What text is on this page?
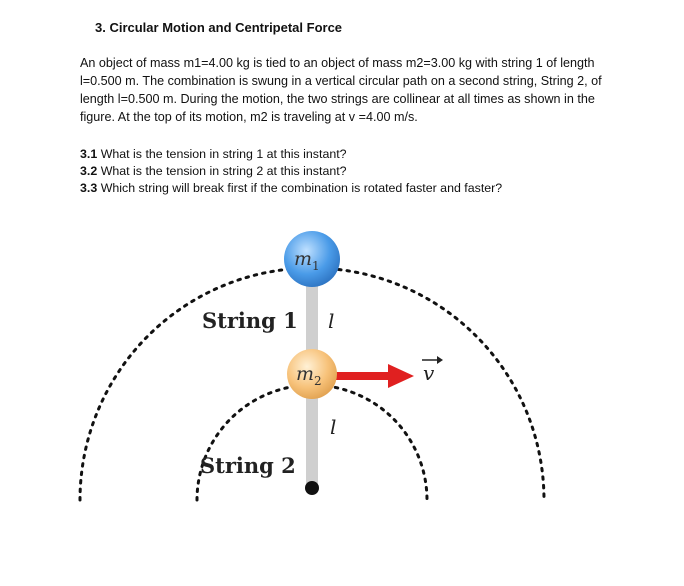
3. Circular Motion and Centripetal Force
An object of mass m1=4.00 kg is tied to an object of mass m2=3.00 kg with string 1 of length
l=0.500 m. The combination is swung in a vertical circular path on a second string, String 2, of
length l=0.500 m. During the motion, the two strings are collinear at all times as shown in the
figure. At the top of its motion, m2 is traveling at v =4.00 m/s.
3.1 What is the tension in string 1 at this instant?
3.2 What is the tension in string 2 at this instant?
3.3 Which string will break first if the combination is rotated faster and faster?
$m_2$
$m_1$
String 1 l
String 2
l
v
